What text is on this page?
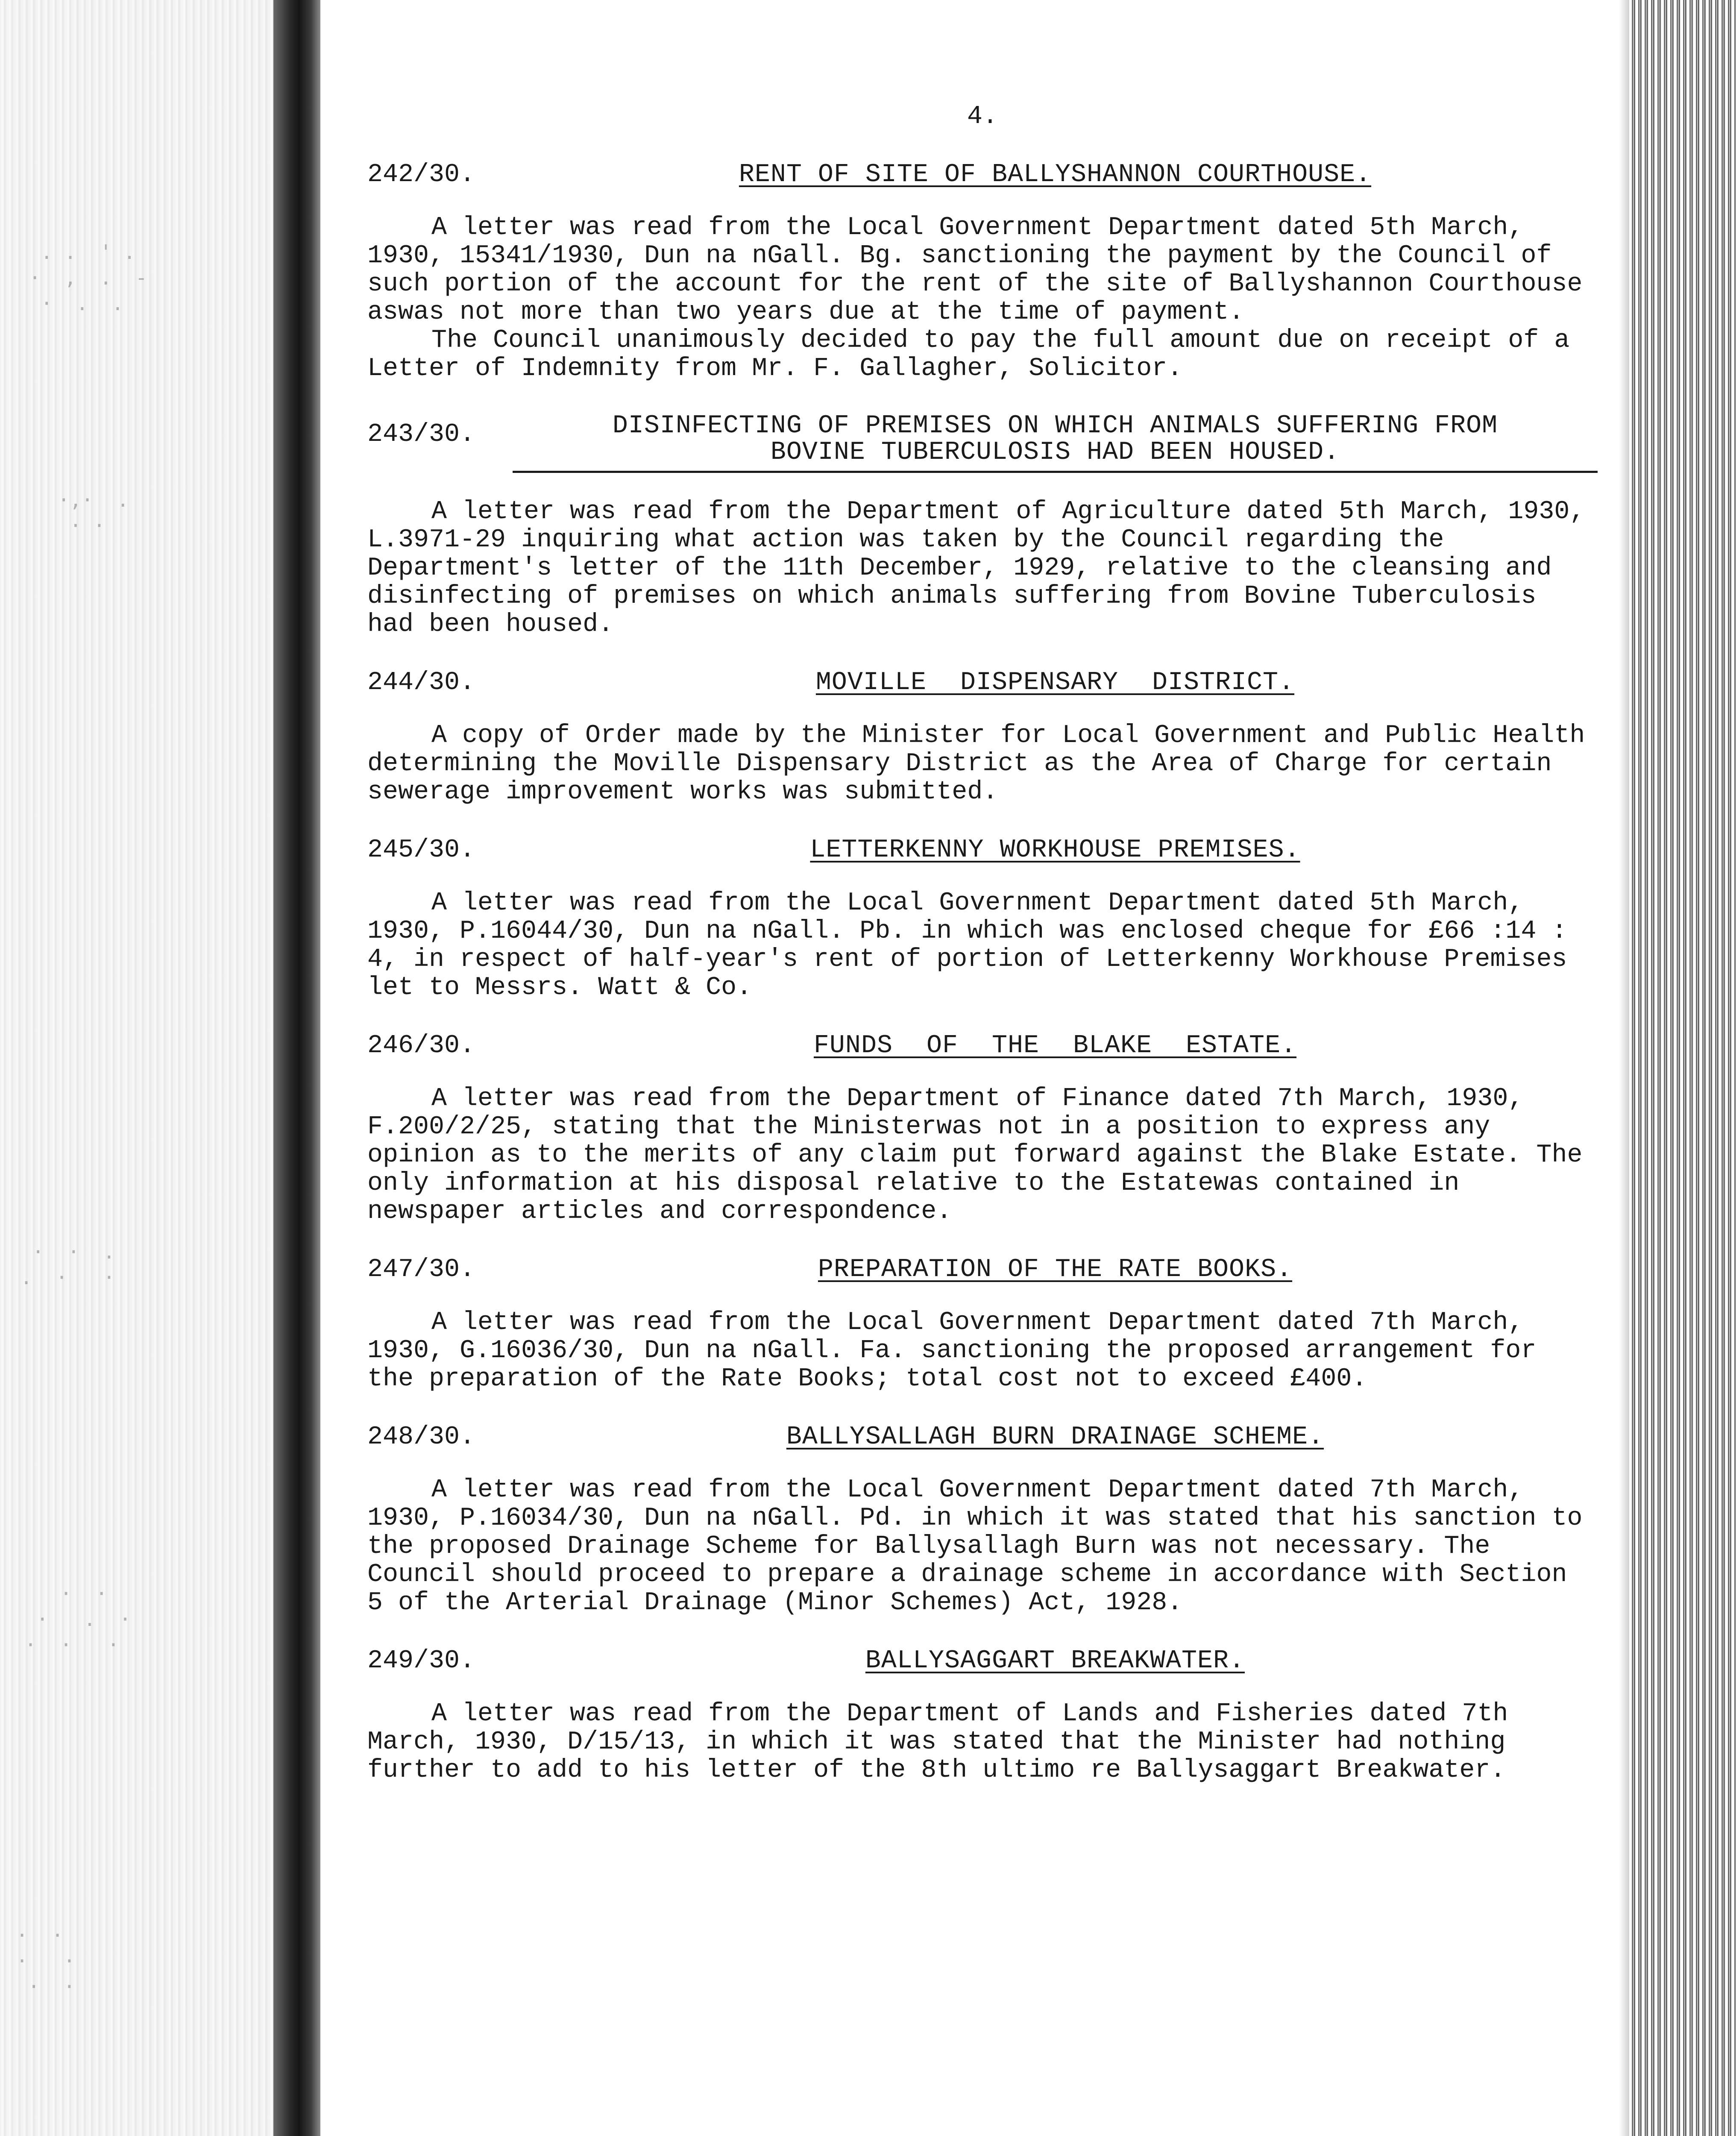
. .  ' .
·  ,  .  -
·  .  .
·,·  .
· ·
·  ·  .
.  ·   ·
·  ·
·   .  ·
·  ·   ·
·  ·
·   ·
·  ·
4.
242/30.	RENT OF SITE OF BALLYSHANNON COURTHOUSE.

A letter was read from the Local Government Department dated 5th March, 1930, 15341/1930, Dun na nGall. Bg. sanctioning the payment by the Council of such portion of the account for the rent of the site of Ballyshannon Courthouse aswas not more than two years due at the time of payment.

The Council unanimously decided to pay the full amount due on receipt of a Letter of Indemnity from Mr. F. Gallagher, Solicitor.

243/30.	DISINFECTING OF PREMISES ON WHICH ANIMALS SUFFERING FROM
BOVINE TUBERCULOSIS HAD BEEN HOUSED.

A letter was read from the Department of Agriculture dated 5th March, 1930, L.3971-29 inquiring what action was taken by the Council regarding the Department's letter of the 11th December, 1929, relative to the cleansing and disinfecting of premises on which animals suffering from Bovine Tuberculosis had been housed.

244/30.	MOVILLE DISPENSARY DISTRICT.

A copy of Order made by the Minister for Local Government and Public Health determining the Moville Dispensary District as the Area of Charge for certain sewerage improvement works was submitted.

245/30.	LETTERKENNY WORKHOUSE PREMISES.

A letter was read from the Local Government Department dated 5th March, 1930, P.16044/30, Dun na nGall. Pb. in which was enclosed cheque for £66 :14 : 4, in respect of half-year's rent of portion of Letterkenny Workhouse Premises let to Messrs. Watt & Co.

246/30.	FUNDS OF THE BLAKE ESTATE.

A letter was read from the Department of Finance dated 7th March, 1930, F.200/2/25, stating that the Ministerwas not in a position to express any opinion as to the merits of any claim put forward against the Blake Estate. The only information at his disposal relative to the Estatewas contained in newspaper articles and correspondence.

247/30.	PREPARATION OF THE RATE BOOKS.

A letter was read from the Local Government Department dated 7th March, 1930, G.16036/30, Dun na nGall. Fa. sanctioning the proposed arrangement for the preparation of the Rate Books; total cost not to exceed £400.

248/30.	BALLYSALLAGH BURN DRAINAGE SCHEME.

A letter was read from the Local Government Department dated 7th March, 1930, P.16034/30, Dun na nGall. Pd. in which it was stated that his sanction to the proposed Drainage Scheme for Ballysallagh Burn was not necessary. The Council should proceed to prepare a drainage scheme in accordance with Section 5 of the Arterial Drainage (Minor Schemes) Act, 1928.

249/30.	BALLYSAGGART BREAKWATER.

A letter was read from the Department of Lands and Fisheries dated 7th March, 1930, D/15/13, in which it was stated that the Minister had nothing further to add to his letter of the 8th ultimo re Ballysaggart Breakwater.
